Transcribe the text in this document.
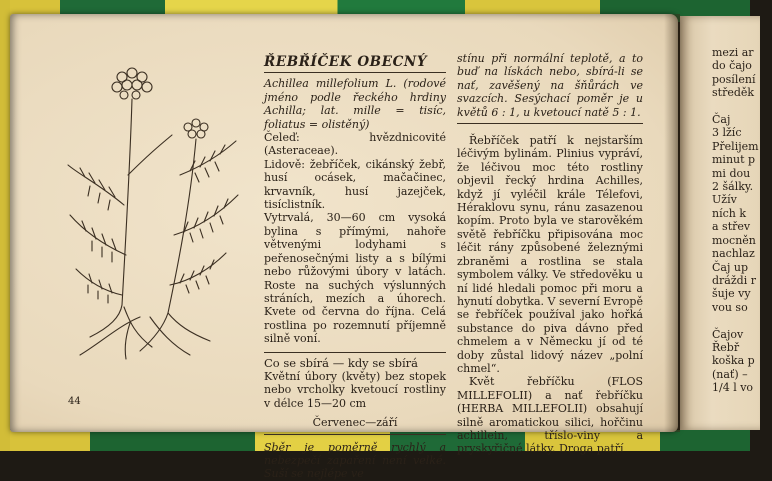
ŘEBŘÍČEK OBECNÝ

Achillea millefolium L. (rodové jméno podle řeckého hrdiny Achilla; lat. mille = tisíc, foliatus = olistěný)

Čeleď: hvězdnicovité (Asteraceae).

Lidově: žebříček, cikánský žebř, husí ocásek, mačačinec, krvavník, husí jazejček, tisíclistník.

Vytrvalá, 30—60 cm vysoká bylina s přímými, nahoře větvenými lodyhami s peřenosečnými listy a s bílými nebo růžovými úbory v latách. Roste na suchých výslunných stráních, mezích a úhorech. Kvete od června do října. Celá rostlina po rozemnutí příjemně silně voní.

Co se sbírá — kdy se sbírá

Květní úbory (květy) bez stopek nebo vrcholky kvetoucí rostliny v délce 15—20 cm

Červenec—září

Sběr je poměrně rychlý a nebezpečí zapaření není velké. Suší se nejlépe ve

stínu při normální teplotě, a to buď na lískách nebo, sbírá-li se nať, zavěšený na šňůrách ve svazcích. Sesýchací poměr je u květů 6 : 1, u kvetoucí natě 5 : 1.

Řebříček patří k nejstarším léčivým bylinám. Plinius vypráví, že léčivou moc této rostliny objevil řecký hrdina Achilles, když jí vyléčil krále Télefovi, Héraklovu synu, ránu zasazenou kopím. Proto byla ve starověkém světě řebříčku připisována moc léčit rány způsobené železnými zbraněmi a rostlina se stala symbolem války. Ve středověku u ní lidé hledali pomoc při moru a hynutí dobytka. V severní Evropě se řebříček používal jako hořká substance do piva dávno před chmelem a v Německu jí od té doby zůstal lidový název „polní chmel“.

Květ řebříčku (FLOS MILLEFOLII) a nať řebříčku (HERBA MILLEFOLII) obsahují silně aromatickou silici, hořčinu achillein, tříslo-viny a pryskyřičné látky. Droga patří

mezi ar
do čajo
posílení
středěk

Čaj
3 lžíc
Přelijem
minut p
mi dou
2 šálky.
Užív
ních k
a střev
mocněn
nachlaz
Čaj up
dráždi r
šuje vy
vou so

Čajov
Řebř
koška p
(nať) –
1/4 l vo
44
